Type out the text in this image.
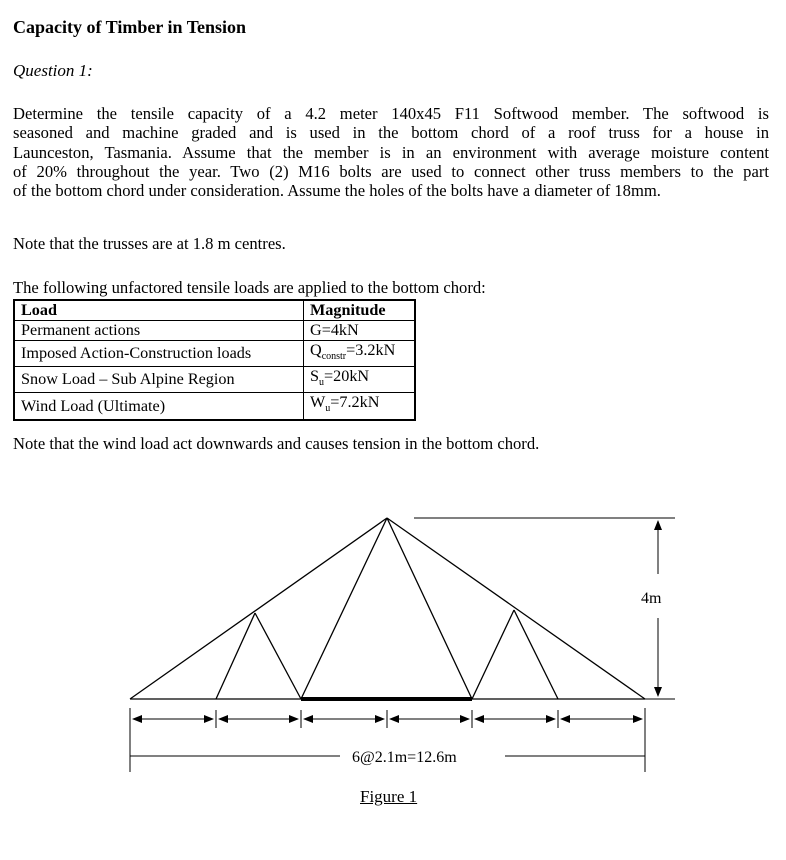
Capacity of Timber in Tension
Question 1:
Determine the tensile capacity of a 4.2 meter 140x45 F11 Softwood member. The softwood is
seasoned and machine graded and is used in the bottom chord of a roof truss for a house in
Launceston, Tasmania. Assume that the member is in an environment with average moisture content
of 20% throughout the year. Two (2) M16 bolts are used to connect other truss members to the part
of the bottom chord under consideration. Assume the holes of the bolts have a diameter of 18mm.
Note that the trusses are at 1.8 m centres.
The following unfactored tensile loads are applied to the bottom chord:
Load	Magnitude
Permanent actions	G=4kN
Imposed Action-Construction loads	$Q_{constr}=3.2kN$
Snow Load – Sub Alpine Region	$S_u=20kN$
Wind Load (Ultimate)	$W_u=7.2kN$
Note that the wind load act downwards and causes tension in the bottom chord.
4m
6@2.1m=12.6m
Figure 1
